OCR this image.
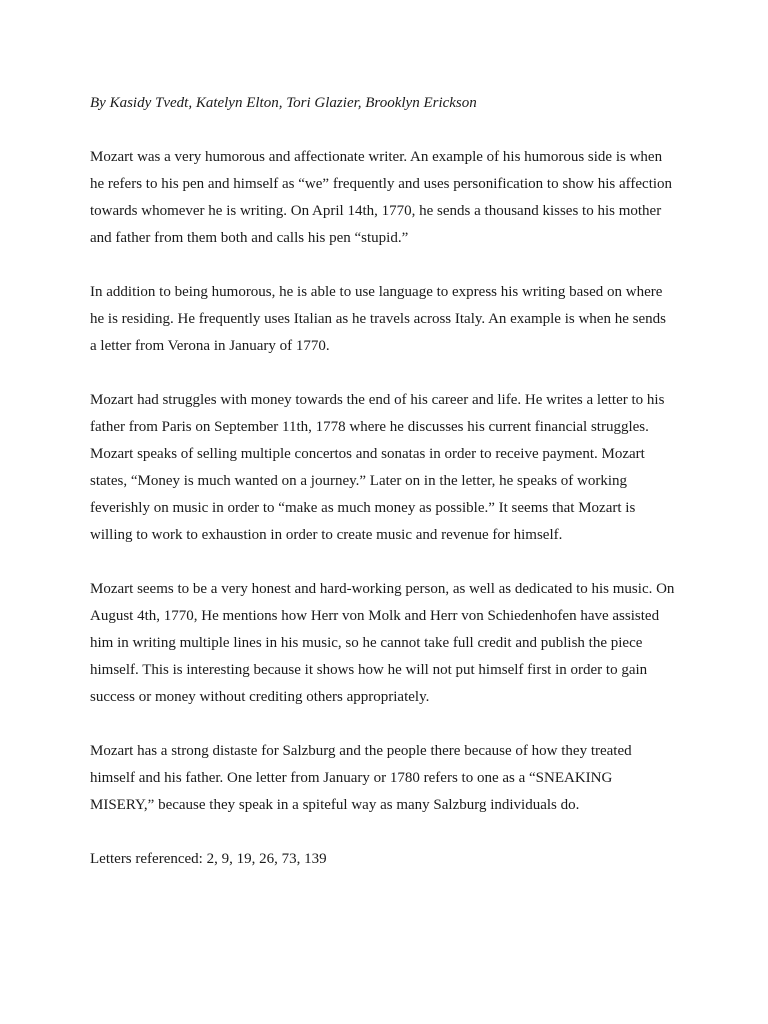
By Kasidy Tvedt, Katelyn Elton, Tori Glazier, Brooklyn Erickson

Mozart was a very humorous and affectionate writer. An example of his humorous side is when
he refers to his pen and himself as “we” frequently and uses personification to show his affection
towards whomever he is writing. On April 14th, 1770, he sends a thousand kisses to his mother
and father from them both and calls his pen “stupid.”
In addition to being humorous, he is able to use language to express his writing based on where
he is residing. He frequently uses Italian as he travels across Italy. An example is when he sends
a letter from Verona in January of 1770.
Mozart had struggles with money towards the end of his career and life. He writes a letter to his
father from Paris on September 11th, 1778 where he discusses his current financial struggles.
Mozart speaks of selling multiple concertos and sonatas in order to receive payment. Mozart
states, “Money is much wanted on a journey.” Later on in the letter, he speaks of working
feverishly on music in order to “make as much money as possible.” It seems that Mozart is
willing to work to exhaustion in order to create music and revenue for himself.
Mozart seems to be a very honest and hard-working person, as well as dedicated to his music. On
August 4th, 1770, He mentions how Herr von Molk and Herr von Schiedenhofen have assisted
him in writing multiple lines in his music, so he cannot take full credit and publish the piece
himself. This is interesting because it shows how he will not put himself first in order to gain
success or money without crediting others appropriately.
Mozart has a strong distaste for Salzburg and the people there because of how they treated
himself and his father. One letter from January or 1780 refers to one as a “SNEAKING
MISERY,” because they speak in a spiteful way as many Salzburg individuals do.

Letters referenced: 2, 9, 19, 26, 73, 139
